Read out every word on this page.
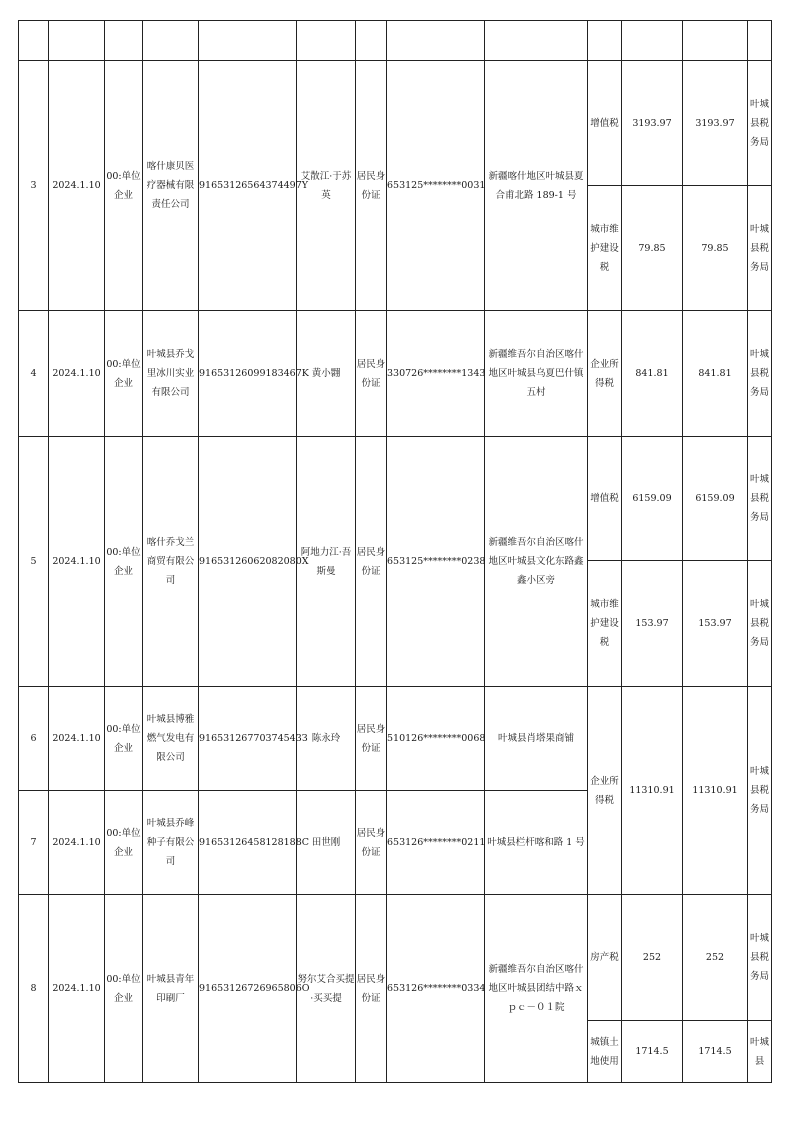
3	2024.1.10	00:单位企业	喀什康贝医疗器械有限责任公司	91653126564374497Y	艾散江·于苏英	居民身份证	653125********0031	新疆喀什地区叶城县夏合甫北路 189-1 号	增值税	3193.97	3193.97	叶城县税务局
									城市维护建设税	79.85	79.85	叶城县税务局
4	2024.1.10	00:单位企业	叶城县乔戈里冰川实业有限公司	91653126099183467K	黄小翾	居民身份证	330726********1343	新疆维吾尔自治区喀什地区叶城县乌夏巴什镇五村	企业所得税	841.81	841.81	叶城县税务局
5	2024.1.10	00:单位企业	喀什乔戈兰商贸有限公司	91653126062082080X	阿地力江·吾斯曼	居民身份证	653125********0238	新疆维吾尔自治区喀什地区叶城县文化东路鑫鑫小区旁	增值税	6159.09	6159.09	叶城县税务局
									城市维护建设税	153.97	153.97	叶城县税务局
6	2024.1.10	00:单位企业	叶城县博雅燃气发电有限公司	91653126770374543З	陈永玲	居民身份证	510126********0068	叶城县肖塔果商铺	企业所得税	11310.91	11310.91	叶城县税务局
7	2024.1.10	00:单位企业	叶城县乔峰种子有限公司	91653126458128188C	田世刚	居民身份证	653126********0211	叶城县栏杆喀和路 1 号				
8	2024.1.10	00:单位企业	叶城县青年印刷厂	91653126726965806O	努尔艾合买提·买买提	居民身份证	653126********0334	新疆维吾尔自治区喀什地区叶城县团结中路ｘｐｃ－０１院	房产税	252	252	叶城县税务局
									城镇土地使用	1714.5	1714.5	叶城县
